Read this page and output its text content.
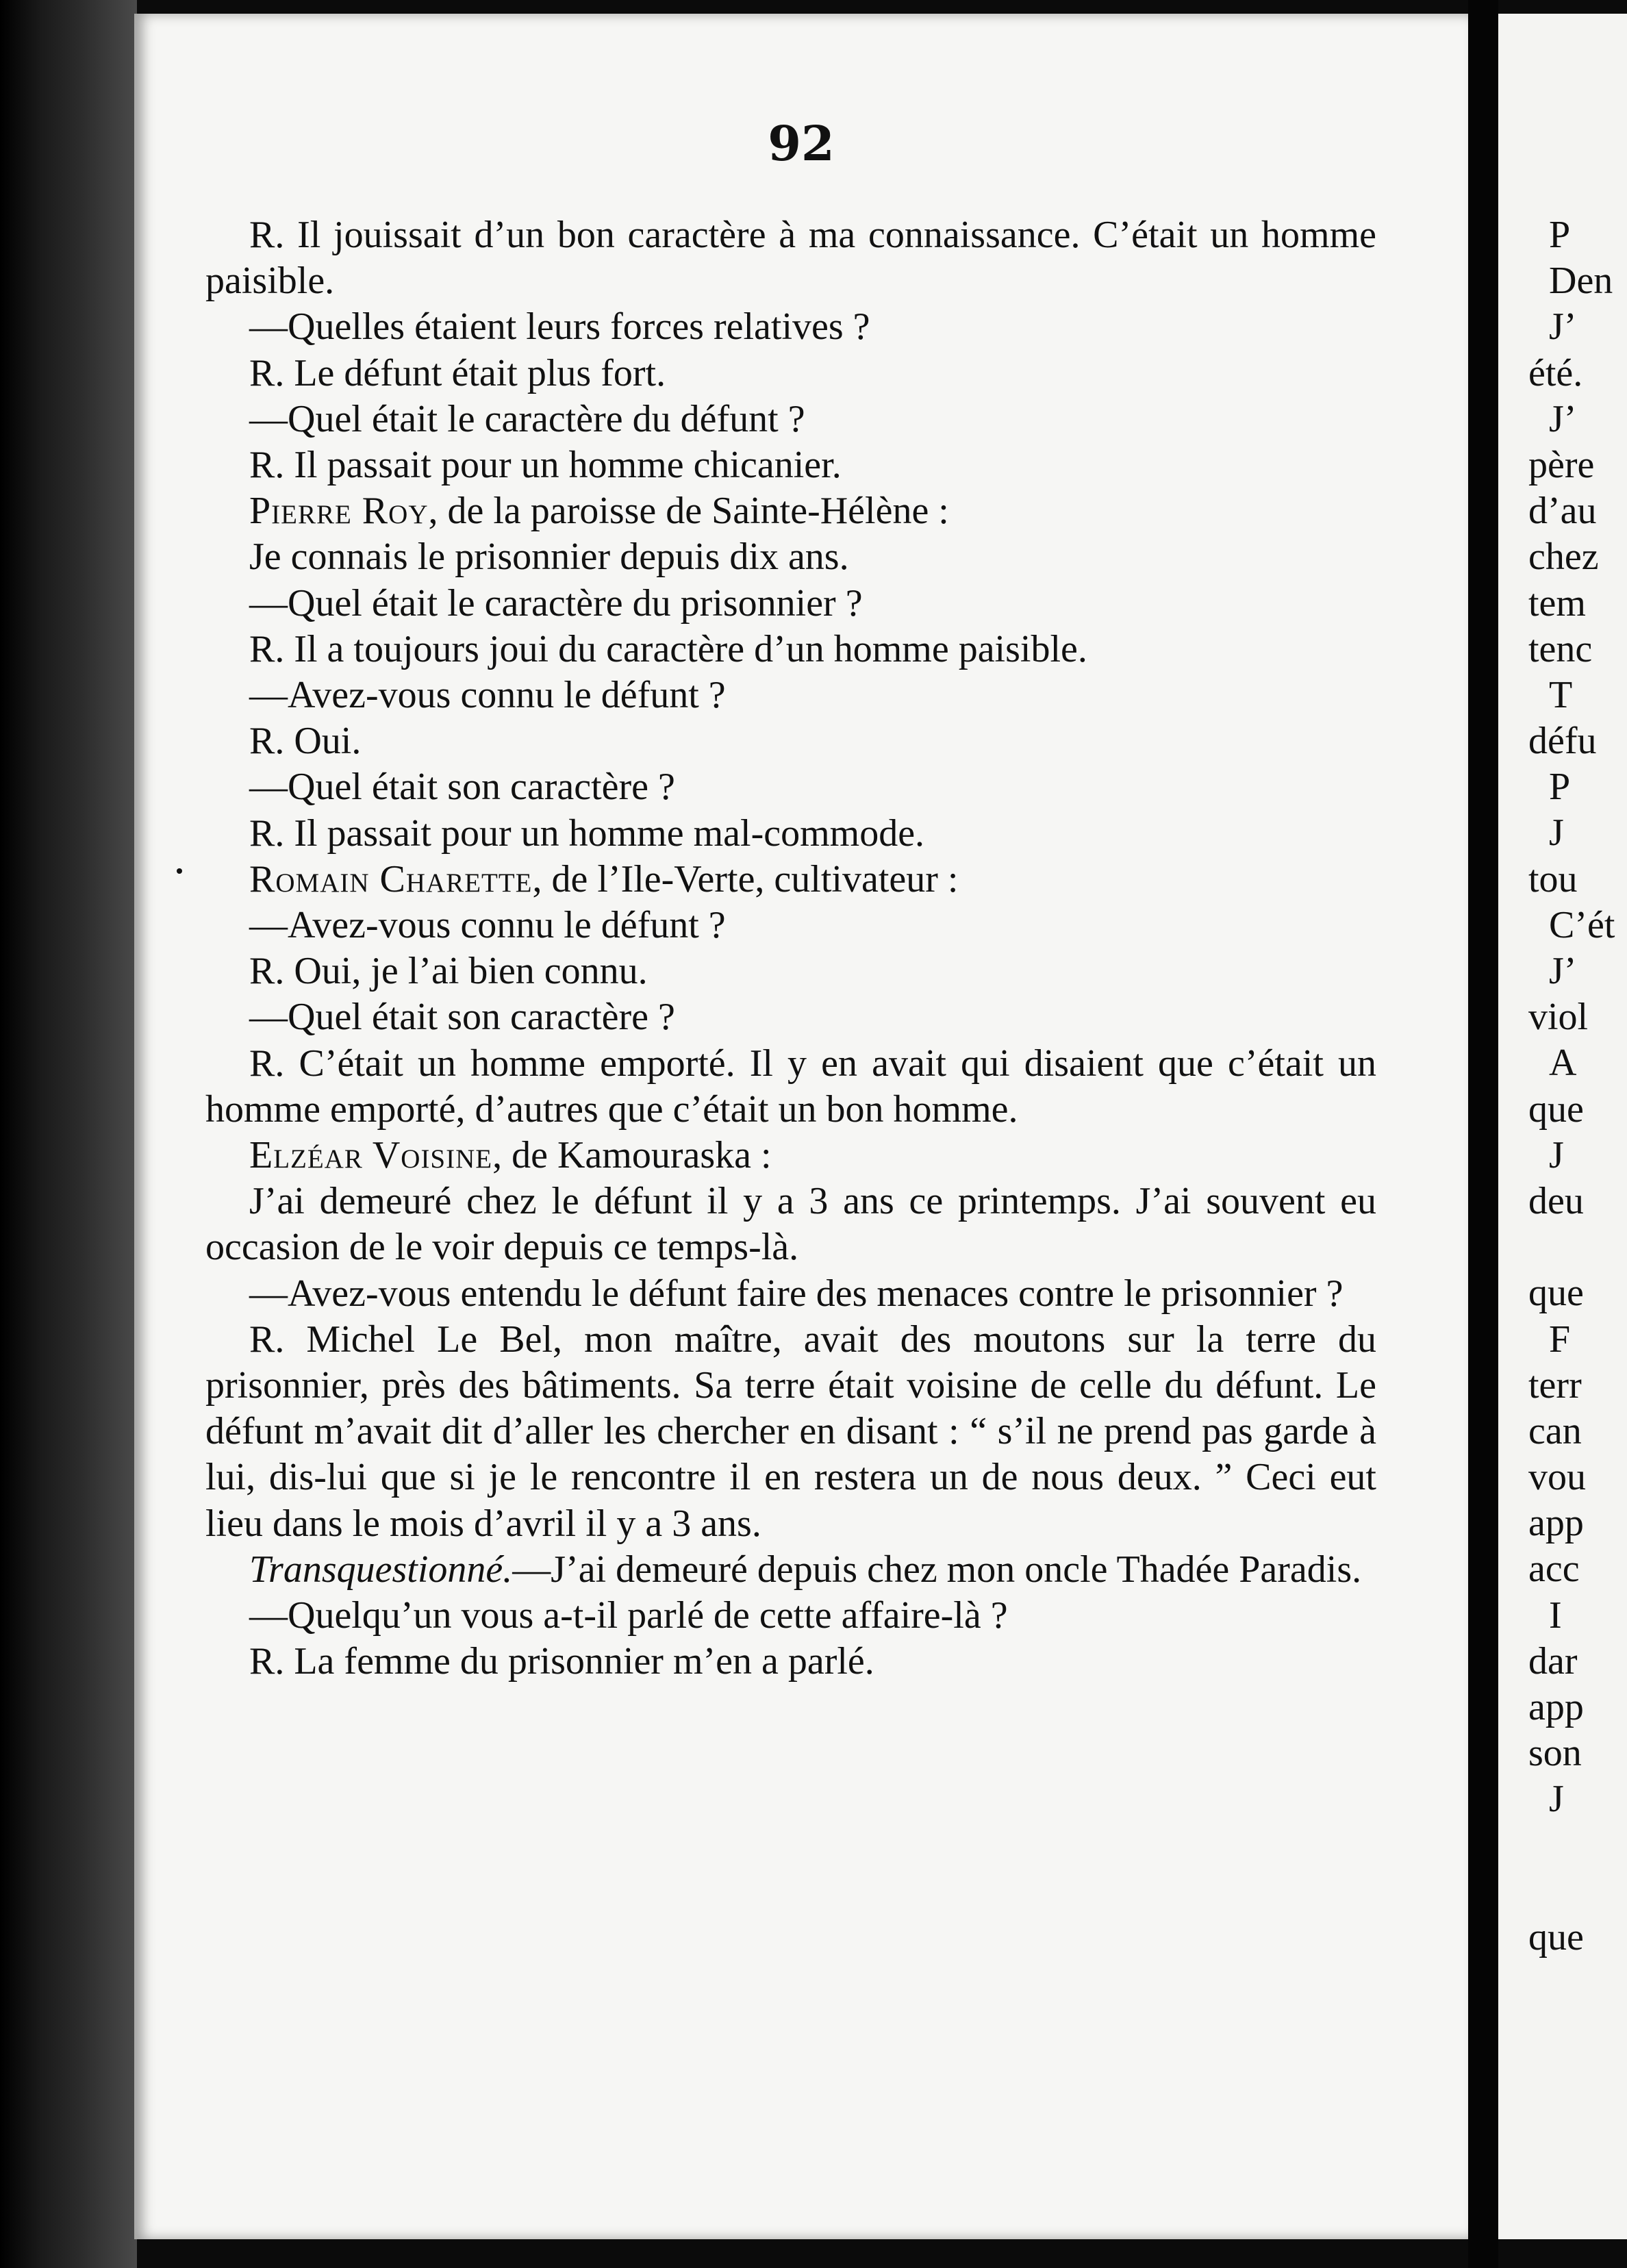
92

R. Il jouissait d’un bon caractère à ma connaissance. C’était un homme paisible.

—Quelles étaient leurs forces relatives ?

R. Le défunt était plus fort.

—Quel était le caractère du défunt ?

R. Il passait pour un homme chicanier.

Pierre Roy, de la paroisse de Sainte-Hélène :

Je connais le prisonnier depuis dix ans.

—Quel était le caractère du prisonnier ?

R. Il a toujours joui du caractère d’un homme paisible.

—Avez-vous connu le défunt ?

R. Oui.

—Quel était son caractère ?

R. Il passait pour un homme mal-commode.

Romain Charette, de l’Ile-Verte, cultivateur :

—Avez-vous connu le défunt ?

R. Oui, je l’ai bien connu.

—Quel était son caractère ?

R. C’était un homme emporté. Il y en avait qui disaient que c’était un homme emporté, d’autres que c’était un bon homme.

Elzéar Voisine, de Kamouraska :

J’ai demeuré chez le défunt il y a 3 ans ce printemps. J’ai souvent eu occasion de le voir depuis ce temps-là.

—Avez-vous entendu le défunt faire des menaces contre le prisonnier ?

R. Michel Le Bel, mon maître, avait des moutons sur la terre du prisonnier, près des bâtiments. Sa terre était voisine de celle du défunt. Le défunt m’avait dit d’aller les chercher en disant : “ s’il ne prend pas garde à lui, dis-lui que si je le rencontre il en restera un de nous deux. ” Ceci eut lieu dans le mois d’avril il y a 3 ans.

Transquestionné.—J’ai demeuré depuis chez mon oncle Thadée Paradis.

—Quelqu’un vous a-t-il parlé de cette affaire-là ?

R. La femme du prisonnier m’en a parlé.

P
Den
J’
été.
J’
père
d’au
chez
tem
tenc
T
défu
P
J
tou
C’ét
J’
viol
A
que
J
deu
que
F
terr
can
vou
app
acc
I
dar
app
son
J
que
